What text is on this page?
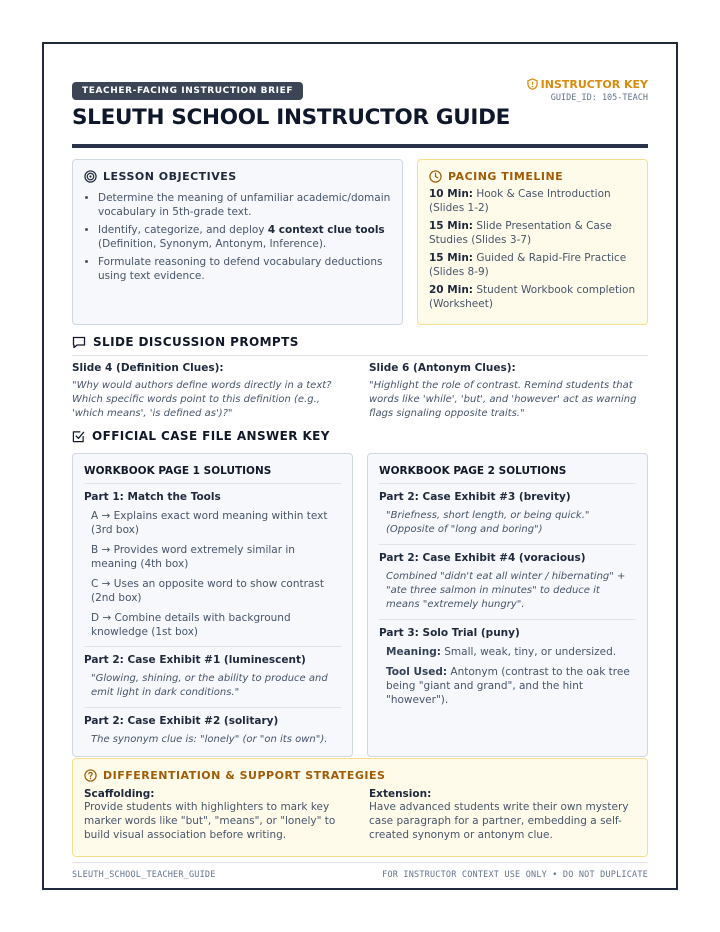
TEACHER-FACING INSTRUCTION BRIEF
SLEUTH SCHOOL INSTRUCTOR GUIDE
INSTRUCTOR KEY
GUIDE_ID: 105-TEACH
LESSON OBJECTIVES
• Determine the meaning of unfamiliar academic/domain vocabulary in 5th-grade text.
• Identify, categorize, and deploy 4 context clue tools (Definition, Synonym, Antonym, Inference).
• Formulate reasoning to defend vocabulary deductions using text evidence.
PACING TIMELINE
10 Min: Hook & Case Introduction (Slides 1-2)
15 Min: Slide Presentation & Case Studies (Slides 3-7)
15 Min: Guided & Rapid-Fire Practice (Slides 8-9)
20 Min: Student Workbook completion (Worksheet)
SLIDE DISCUSSION PROMPTS
Slide 4 (Definition Clues):
"Why would authors define words directly in a text? Which specific words point to this definition (e.g., 'which means', 'is defined as')?"
Slide 6 (Antonym Clues):
"Highlight the role of contrast. Remind students that words like 'while', 'but', and 'however' act as warning flags signaling opposite traits."
OFFICIAL CASE FILE ANSWER KEY
WORKBOOK PAGE 1 SOLUTIONS
Part 1: Match the Tools
A → Explains exact word meaning within text (3rd box)
B → Provides word extremely similar in meaning (4th box)
C → Uses an opposite word to show contrast (2nd box)
D → Combine details with background knowledge (1st box)
Part 2: Case Exhibit #1 (luminescent)
"Glowing, shining, or the ability to produce and emit light in dark conditions."
Part 2: Case Exhibit #2 (solitary)
The synonym clue is: "lonely" (or "on its own").
WORKBOOK PAGE 2 SOLUTIONS
Part 2: Case Exhibit #3 (brevity)
"Briefness, short length, or being quick." (Opposite of "long and boring")
Part 2: Case Exhibit #4 (voracious)
Combined "didn't eat all winter / hibernating" + "ate three salmon in minutes" to deduce it means "extremely hungry".
Part 3: Solo Trial (puny)
Meaning: Small, weak, tiny, or undersized.
Tool Used: Antonym (contrast to the oak tree being "giant and grand", and the hint "however").
DIFFERENTIATION & SUPPORT STRATEGIES
Scaffolding:
Provide students with highlighters to mark key marker words like "but", "means", or "lonely" to build visual association before writing.
Extension:
Have advanced students write their own mystery case paragraph for a partner, embedding a self-created synonym or antonym clue.
SLEUTH_SCHOOL_TEACHER_GUIDE	FOR INSTRUCTOR CONTEXT USE ONLY • DO NOT DUPLICATE
